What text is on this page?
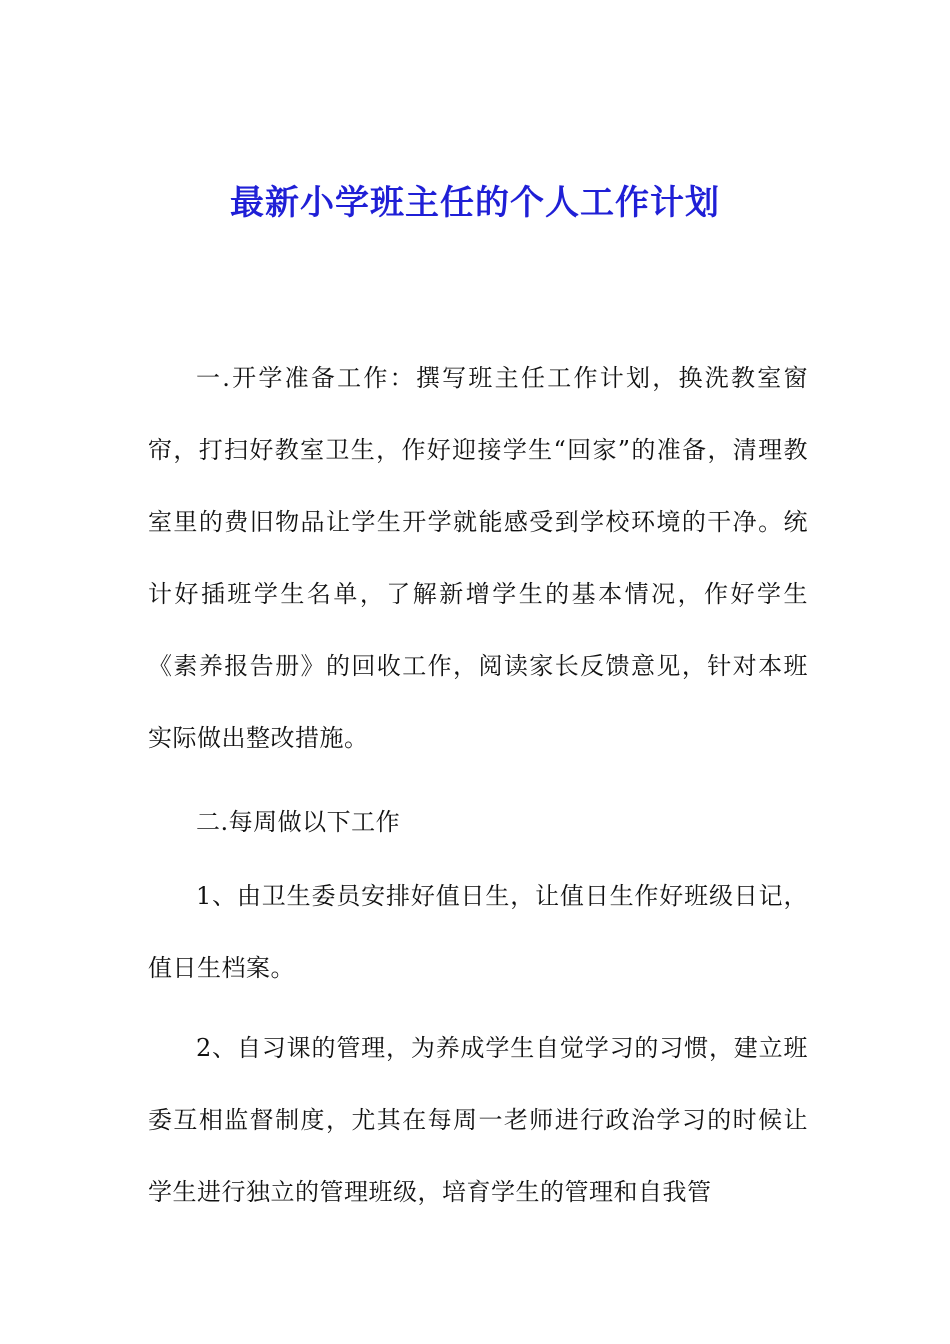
最新小学班主任的个人工作计划

一.开学准备工作：撰写班主任工作计划，换洗教室窗帘，打扫好教室卫生，作好迎接学生“回家”的准备，清理教室里的费旧物品让学生开学就能感受到学校环境的干净。统计好插班学生名单，了解新增学生的基本情况，作好学生《素养报告册》的回收工作，阅读家长反馈意见，针对本班实际做出整改措施。

二.每周做以下工作

1、由卫生委员安排好值日生，让值日生作好班级日记，值日生档案。

2、自习课的管理，为养成学生自觉学习的习惯，建立班委互相监督制度，尤其在每周一老师进行政治学习的时候让学生进行独立的管理班级，培育学生的管理和自我管
